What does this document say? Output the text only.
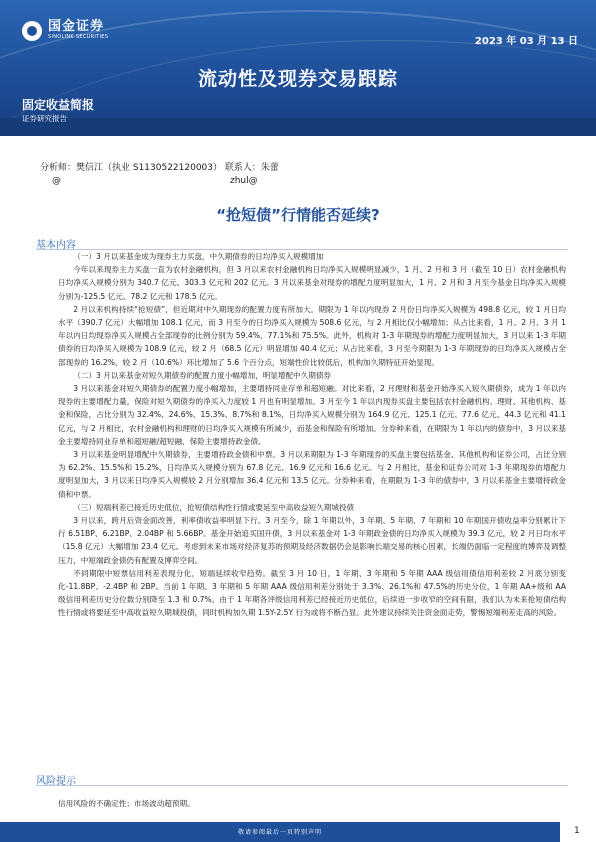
国金证券
SINOLINK SECURITIES	2023 年 03 月 13 日
流动性及现券交易跟踪
固定收益简报
证券研究报告
分析师：樊信江（执业 S1130522120003） 联系人：朱蕾
@	zhul@
“抢短债”行情能否延续?
基本内容

（一）3 月以来基金成为现券主力买盘，中久期债券的日均净买入规模增加

今年以来现券主力买盘一直为农村金融机构，但 3 月以来农村金融机构日均净买入规模明显减少，1 月、2 月和 3 月（截至 10 日）农村金融机构日均净买入规模分别为 340.7 亿元、303.3 亿元和 202 亿元。3 月以来基金对现券的增配力度明显加大，1 月、2 月和 3 月至今基金日均净买入规模分别为-125.5 亿元、78.2 亿元和 178.5 亿元。

2 月以来机构持续“抢短债”，但近期对中久期现券的配置力度有所加大。期限为 1 年以内现券 2 月份日均净买入规模为 498.8 亿元，较 1 月日均水平（390.7 亿元）大幅增加 108.1 亿元，而 3 月至今的日均净买入规模为 508.6 亿元，与 2 月相比仅小幅增加；从占比来看，1 月、2 月、3 月 1 年以内日均现券净买入规模占全部现券的比例分别为 59.4%、77.1%和 75.5%。此外，机构对 1-3 年期现券的增配力度明显加大，3 月以来 1-3 年期债券的日均净买入规模为 108.9 亿元，较 2 月（68.5 亿元）明显增加 40.4 亿元；从占比来看，3 月至今期限为 1-3 年期现券的日均净买入规模占全部现券的 16.2%，较 2 月（10.6%）环比增加了 5.6 个百分点，短端性价比较低后，机构加久期特征开始显现。

（二）3 月以来基金对短久期债券的配置力度小幅增加，明显增配中久期债券

3 月以来基金对短久期债券的配置力度小幅增加，主要增持同业存单和超短融。对比来看，2 月理财和基金开始净买入短久期债券，成为 1 年以内现券的主要增配力量，保险对短久期债券的净买入力度较 1 月也有明显增加。3 月至今 1 年以内现券买盘主要包括农村金融机构、理财、其他机构、基金和保险，占比分别为 32.4%、24.6%、15.3%、8.7%和 8.1%，日均净买入规模分别为 164.9 亿元、125.1 亿元、77.6 亿元、44.3 亿元和 41.1 亿元，与 2 月相比，农村金融机构和理财的日均净买入规模有所减少，而基金和保险有所增加。分券种来看，在期限为 1 年以内的债券中，3 月以来基金主要增持同业存单和超短融/超短融，保险主要增持政金债。

3 月以来基金明显增配中久期债券，主要增持政金债和中票。3 月以来期限为 1-3 年期现券的买盘主要包括基金、其他机构和证券公司，占比分别为 62.2%、15.5%和 15.2%，日均净买入规模分别为 67.8 亿元、16.9 亿元和 16.6 亿元。与 2 月相比，基金和证券公司对 1-3 年期现券的增配力度明显加大，3 月以来日均净买入规模较 2 月分别增加 36.4 亿元和 13.5 亿元。分券种来看，在期限为 1-3 年的债券中，3 月以来基金主要增持政金债和中票。

（三）短端利差已接近历史低位，抢短债结构性行情或要延至中高收益短久期城投债

3 月以来，跨月后资金面改善，利率债收益率明显下行。3 月至今，除 1 年期以外，3 年期、5 年期、7 年期和 10 年期国开债收益率分别累计下行 6.51BP、6.21BP、2.04BP 和 5.66BP。基金开始追买国开债，3 月以来基金对 1-3 年期政金债的日均净买入规模为 39.3 亿元，较 2 月日均水平（15.8 亿元）大幅增加 23.4 亿元。考虑到未来市场对经济复苏的预期及经济数据仍会是影响长端交易的核心因素，长端仍面临一定程度的博弈及调整压力，中短端政金债仍有配置及博弈空间。

不同期限中短票信用利差表现分化，短端延续收窄趋势。截至 3 月 10 日，1 年期、3 年期和 5 年期 AAA 级信用债信用利差较 2 月底分别变化-11.8BP、-2.4BP 和 2BP。当前 1 年期、3 年期和 5 年期 AAA 级信用利差分别处于 3.3%、26.1%和 47.5%的历史分位，1 年期 AA+级和 AA 级信用利差历史分位数分别降至 1.3 和 0.7%。由于 1 年期各评级信用利差已经接近历史低位，后续进一步收窄的空间有限，我们认为未来抢短债结构性行情或将要延至中高收益短久期城投债，同时机构加久期 1.5Y-2.5Y 行为或将不断凸显。此外建议持续关注资金面走势，警惕短端利差走高的风险。

风险提示
信用风险的不确定性；市场波动超预期。
敬请参阅最后一页特别声明	1
